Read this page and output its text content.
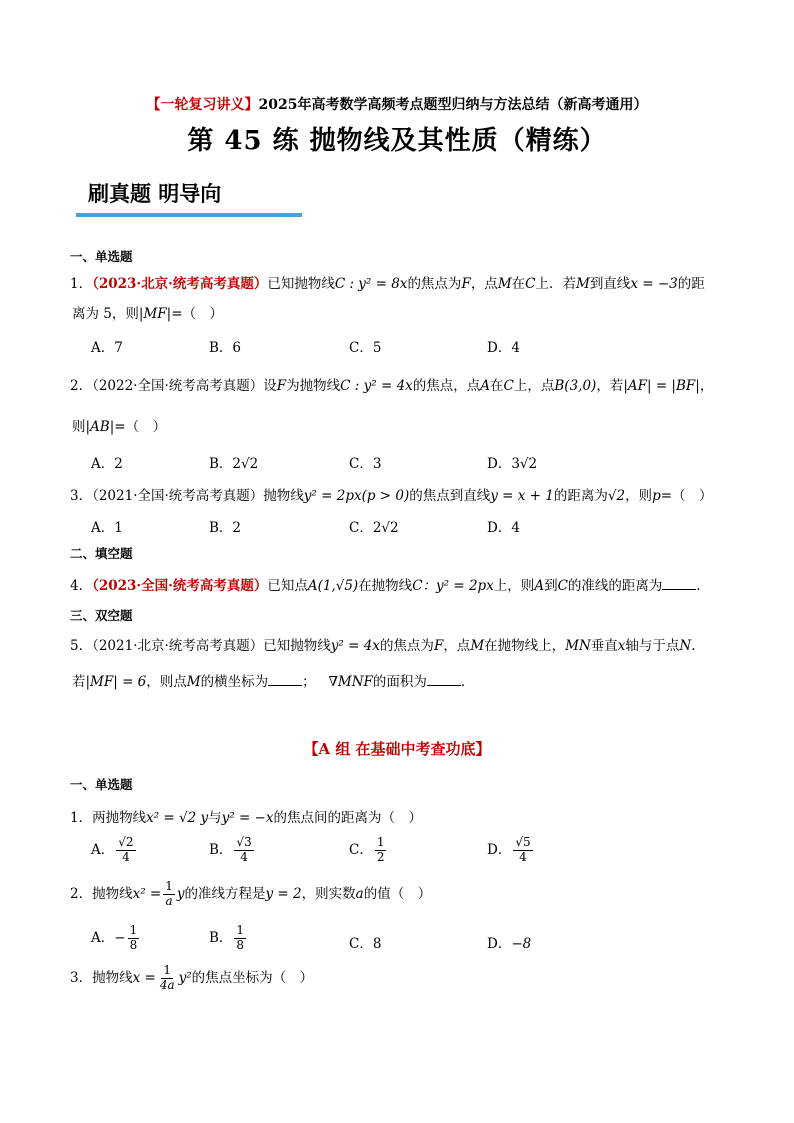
【一轮复习讲义】2025年高考数学高频考点题型归纳与方法总结（新高考通用）
第 45 练 抛物线及其性质（精练）
刷真题 明导向
一、单选题
1．（2023·北京·统考高考真题）已知抛物线C : y² = 8x的焦点为F，点M在C上．若M到直线x = −3的距
离为 5，则|MF|=（　）
A．7	B．6	C．5	D．4
2．（2022·全国·统考高考真题）设F为抛物线C : y² = 4x的焦点，点A在C上，点B(3,0)，若|AF| = |BF|，
则|AB|=（　）
A．2	B．2√2	C．3	D．3√2
3．（2021·全国·统考高考真题）抛物线y² = 2px(p > 0)的焦点到直线y = x + 1的距离为√2，则p=（　）
A．1	B．2	C．2√2	D．4
二、填空题
4．（2023·全国·统考高考真题）已知点A(1,√5)在抛物线C：y² = 2px上，则A到C的准线的距离为	．
三、双空题
5．（2021·北京·统考高考真题）已知抛物线y² = 4x的焦点为F，点M在抛物线上，MN垂直x轴与于点N.
若|MF| = 6，则点M的横坐标为	； ∇MNF的面积为	．
【A 组 在基础中考查功底】
一、单选题
1．两抛物线x² = √2 y与y² = −x的焦点间的距离为（　）
A． $\frac{√2}{4}$	B． $\frac{√3}{4}$	C． $\frac{1}{2}$	D． $\frac{√5}{4}$
2．抛物线$x^2 = \frac{1}{a}$ y的准线方程是y = 2，则实数a的值（　）
A．− $\frac{1}{8}$	B． $\frac{1}{8}$	C．8	D．−8
3．抛物线$x = \frac{1}{4a} y^2$的焦点坐标为（　）
